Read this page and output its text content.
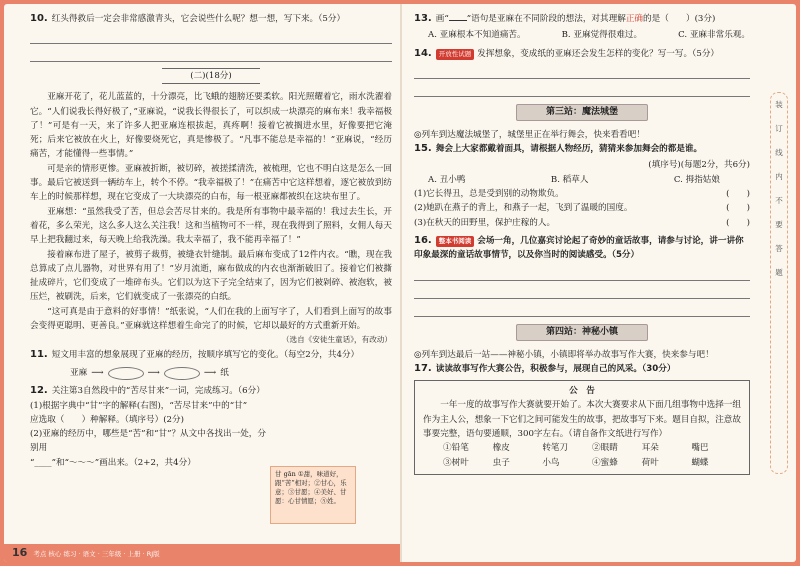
10. 红头得救后一定会非常感激青头，它会说些什么呢？想一想，写下来。（5分）
(二)(18分)

亚麻开花了，花儿蓝蓝的，十分漂亮，比飞蛾的翅膀还要柔软。阳光照耀着它，雨水洗濯着它。“人们说我长得好极了，”亚麻说，“说我长得很长了，可以织成一块漂亮的麻布来！我幸福极了！”可是有一天，来了许多人把亚麻连根拔起，真疼啊！接着它被搁进水里，好像要把它淹死；后来它被放在火上，好像要烧死它，真是惨极了。“凡事不能总是幸福的！”亚麻说，“经历痛苦，才能懂得一些事情。”

可是亲的情形更惨。亚麻被折断，被切碎，被搓揉清洗，被梳理，它也不明白这是怎么一回事。最后它被送到一辆纺车上，转个不停。“我幸福极了！”在痛苦中它这样想着，逐它被放到纺车上的时候那样想，现在它变成了一大块漂亮的白布，每一根亚麻都被织在这块布里了。

亚麻想：“虽然我受了苦，但总会苦尽甘来的。我是所有事物中最幸福的！我过去生长，开着花，多么荣光，这么多人这么关注我！这和当植物可不一样，现在我得到了照料，女佣人每天早上把我翻过来，每天晚上给我洗澡。我太幸福了，我不能再幸福了！”

接着麻布进了屋子，被剪子裁剪，被缝衣针缝制。最后麻布变成了12件内衣。“瞧，现在我总算成了点儿器物，对世界有用了！”岁月流逝，麻布做成的内衣也渐渐破旧了。接着它们被撕扯成碎片，它们变成了一堆碎布头。它们以为这下子完全结束了，因为它们被剁碎、被泡软，被压烂，被刷洗，后来，它们就变成了一张漂亮的白纸。

“这可真是由于意料的好事情！”纸张说，“人们在我的上面写字了，人们看到上面写的故事会变得更聪明、更善良。”亚麻就这样想着生命完了的时候，它却以最好的方式重新开始。

（选自《安徒生童话》，有改动）
11. 短文用丰富的想象展现了亚麻的经历，按顺序填写它的变化。（每空2分，共4分）
亚麻 ⟶	⟶	⟶ 纸
12. 关注第3自然段中的“苦尽甘来”一词，完成练习。（6分）
(1)根据字典中“甘”字的解释(右图)，“苦尽甘来”中的“甘”
应选取（　　）种解释。（填序号）(2分)
(2)亚麻的经历中，哪些是“苦”和“甘”？从文中各找出一处，分别用
“____”和“～～～”画出来。（2+2，共4分）
甘 gān ①甜，味道好，跟“苦”相对；②甘心，乐意；③甘愿；④美好、甘愿：心甘情愿；⑤姓。
13. 画“ ”语句是亚麻在不同阶段的想法，对其理解正确的是（　　）(3分)
A. 亚麻根本不知道痛苦。	B. 亚麻觉得很难过。	C. 亚麻非常乐观。
14. 开放性试题 发挥想象，变成纸的亚麻还会发生怎样的变化？写一写。（5分）
第三站：魔法城堡
◎列车到达魔法城堡了，城堡里正在举行舞会，快来看看吧！
15. 舞会上大家都戴着面具，请根据人物经历，猜猜来参加舞会的都是谁。
(填序号)(每题2分，共6分)
A. 丑小鸭	B. 稻草人	C. 拇指姑娘
(1)它长得丑，总是受到别的动物欺负。	(　　)
(2)她趴在燕子的背上，和燕子一起，飞到了温暖的国度。	(　　)
(3)在秋天的田野里，保护庄稼的人。	(　　)
16. 整本书阅读 会场一角，几位嘉宾讨论起了奇妙的童话故事，请参与讨论，讲一讲你印象最深的童话故事情节，以及你当时的阅读感受。（5分）
第四站：神秘小镇
◎列车到达最后一站——神秘小镇，小镇即将举办故事写作大赛，快来参与吧！
17. 读读故事写作大赛公告，积极参与，展现自己的风采。（30分）
公　告
一年一度的故事写作大赛就要开始了。本次大赛要求从下面几组事物中选择一组作为主人公，想象一下它们之间可能发生的故事，把故事写下来。题目自拟，注意故事要完整，语句要通顺，300字左右。（请自备作文纸进行写作）
①铅笔	橡皮	转笔刀	②眼睛	耳朵	嘴巴
③树叶	虫子	小鸟	④蜜蜂	荷叶	蝴蝶
装
订
线
内
不
要
答
题
16 考点 核心 练习 · 语文 · 三年级 · 上册 · RJ版
